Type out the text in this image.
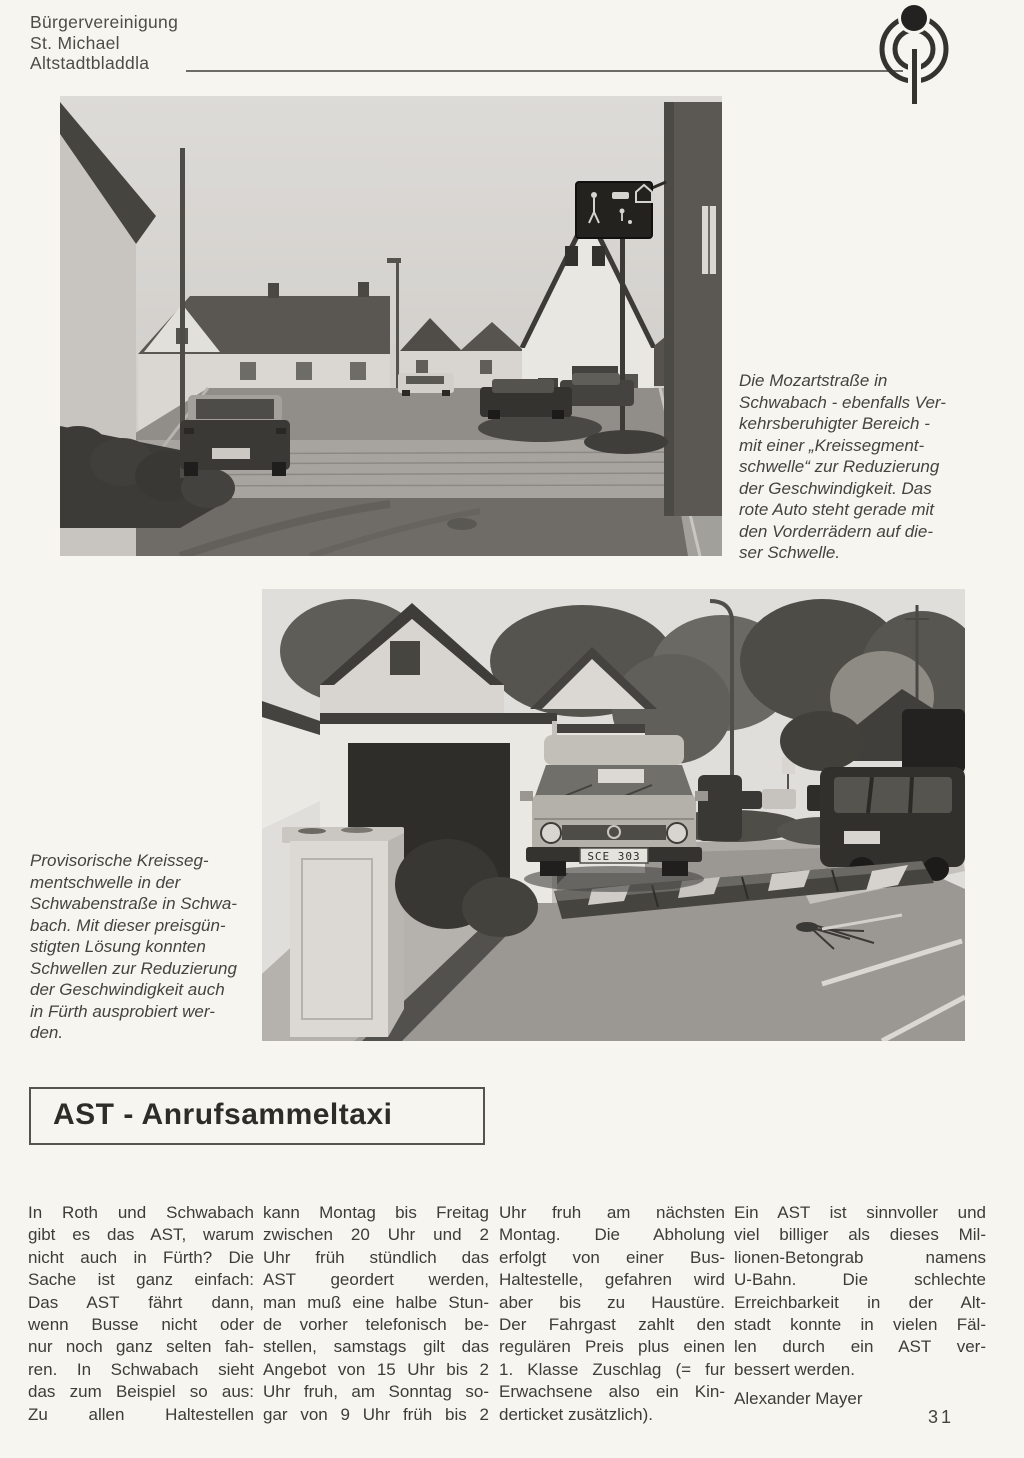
Bürgervereinigung
St. Michael
Altstadtbladdla
Die Mozartstraße in
Schwabach - ebenfalls Ver-
kehrsberuhigter Bereich -
mit einer „Kreissegment-
schwelle“ zur Reduzierung
der Geschwindigkeit. Das
rote Auto steht gerade mit
den Vorderrädern auf die-
ser Schwelle.
SCE 303
Provisorische Kreisseg-
mentschwelle in der
Schwabenstraße in Schwa-
bach. Mit dieser preisgün-
stigten Lösung konnten
Schwellen zur Reduzierung
der Geschwindigkeit auch
in Fürth ausprobiert wer-
den.
AST - Anrufsammeltaxi
In Roth und Schwabach
gibt es das AST, warum
nicht auch in Fürth? Die
Sache ist ganz einfach:
Das AST fährt dann,
wenn Busse nicht oder
nur noch ganz selten fah-
ren. In Schwabach sieht
das zum Beispiel so aus:
Zu allen Haltestellen
kann Montag bis Freitag
zwischen 20 Uhr und 2
Uhr früh stündlich das
AST geordert werden,
man muß eine halbe Stun-
de vorher telefonisch be-
stellen, samstags gilt das
Angebot von 15 Uhr bis 2
Uhr fruh, am Sonntag so-
gar von 9 Uhr früh bis 2
Uhr fruh am nächsten
Montag. Die Abholung
erfolgt von einer Bus-
Haltestelle, gefahren wird
aber bis zu Haustüre.
Der Fahrgast zahlt den
regulären Preis plus einen
1. Klasse Zuschlag (= fur
Erwachsene also ein Kin-
derticket zusätzlich).
Ein AST ist sinnvoller und
viel billiger als dieses Mil-
lionen-Betongrab namens
U-Bahn. Die schlechte
Erreichbarkeit in der Alt-
stadt konnte in vielen Fäl-
len durch ein AST ver-
bessert werden.
Alexander Mayer
31
